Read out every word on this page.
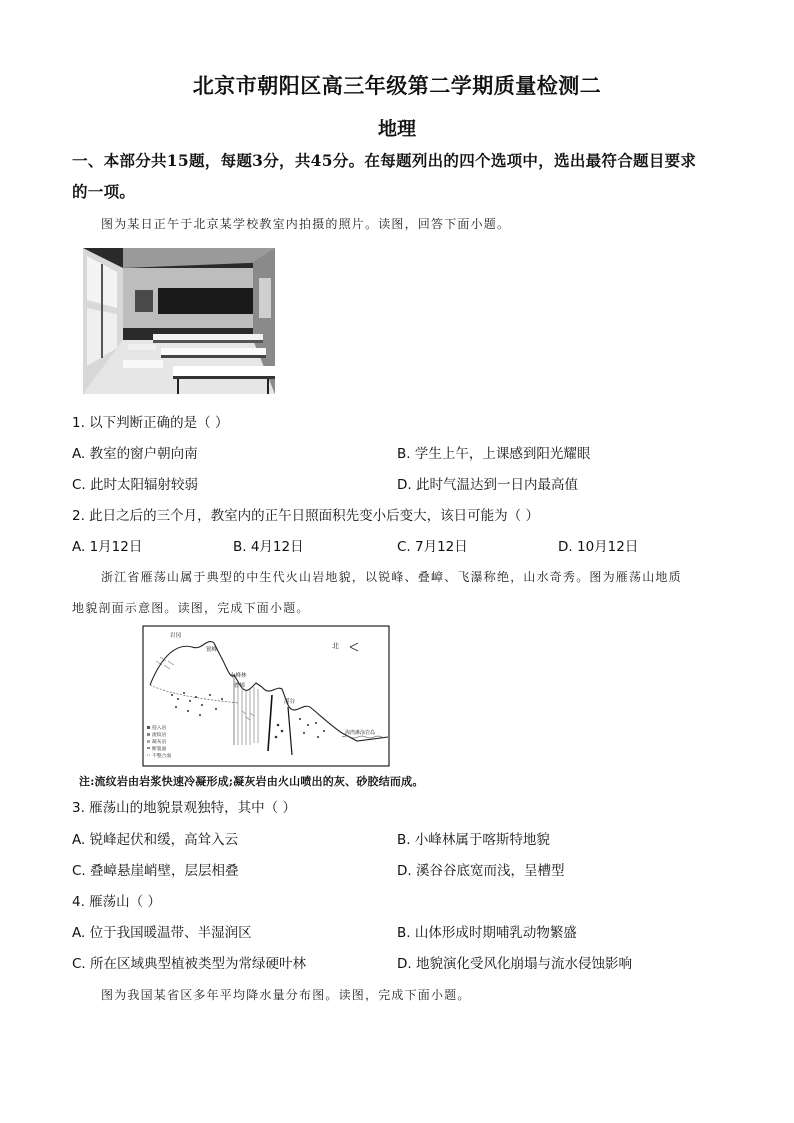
北京市朝阳区高三年级第二学期质量检测二
地理
一、本部分共15题，每题3分，共45分。在每题列出的四个选项中，选出最符合题目要求
的一项。
图为某日正午于北京某学校教室内拍摄的照片。读图，回答下面小题。
1. 以下判断正确的是（ ）
A. 教室的窗户朝向南	B. 学生上午，上课感到阳光耀眼
C. 此时太阳辐射较弱	D. 此时气温达到一日内最高值
2. 此日之后的三个月，教室内的正午日照面积先变小后变大，该日可能为（ ）
A. 1月12日	B. 4月12日	C. 7月12日	D. 10月12日
浙江省雁荡山属于典型的中生代火山岩地貌，以锐峰、叠嶂、飞瀑称绝，山水奇秀。图为雁荡山地质
地貌剖面示意图。读图，完成下面小题。
岩冈
锐峰
小峰林
叠嶂
溪谷
北
海湾滩涂岩岛
侵入岩
流纹岩
凝灰岩
断裂面
不整合面
注:流纹岩由岩浆快速冷凝形成;凝灰岩由火山喷出的灰、砂胶结而成。
3. 雁荡山的地貌景观独特，其中（ ）
A. 锐峰起伏和缓，高耸入云	B. 小峰林属于喀斯特地貌
C. 叠嶂悬崖峭壁，层层相叠	D. 溪谷谷底宽而浅，呈槽型
4. 雁荡山（ ）
A. 位于我国暖温带、半湿润区	B. 山体形成时期哺乳动物繁盛
C. 所在区域典型植被类型为常绿硬叶林	D. 地貌演化受风化崩塌与流水侵蚀影响
图为我国某省区多年平均降水量分布图。读图，完成下面小题。
